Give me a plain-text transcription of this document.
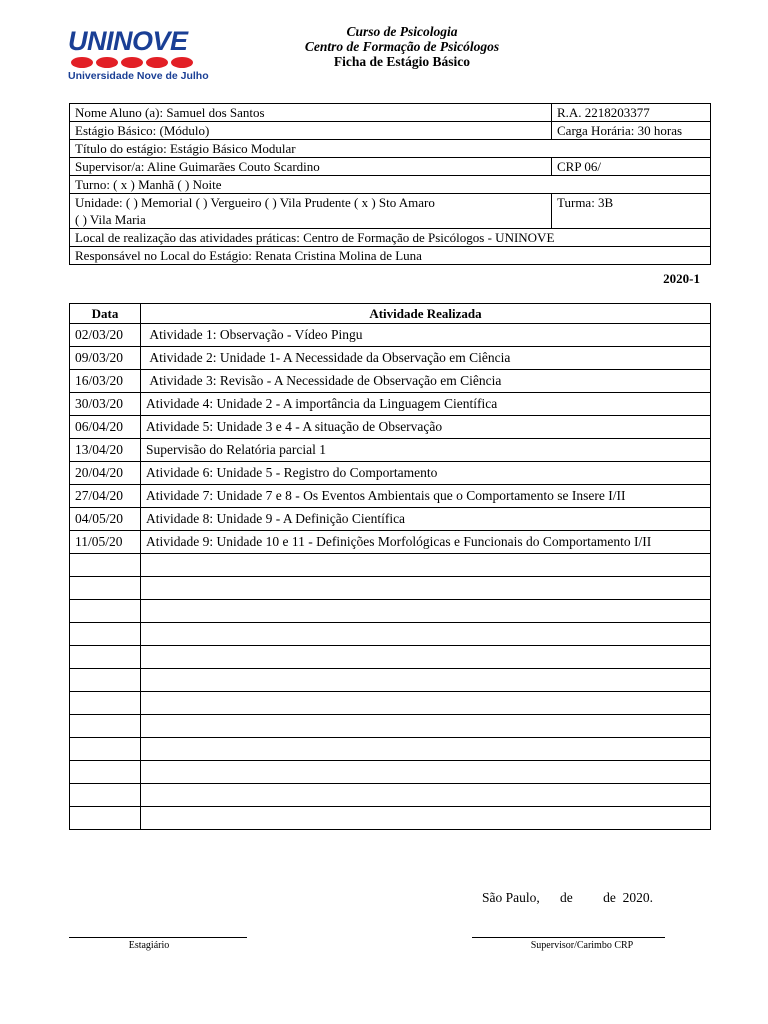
UNINOVE
Universidade Nove de Julho
Curso de Psicologia
Centro de Formação de Psicólogos
Ficha de Estágio Básico
Nome Aluno (a): Samuel dos Santos	R.A. 2218203377
Estágio Básico: (Módulo)	Carga Horária: 30 horas
Título do estágio: Estágio Básico Modular	
Supervisor/a: Aline Guimarães Couto Scardino	CRP 06/
Turno: ( x ) Manhã ( ) Noite	

Unidade: ( ) Memorial ( ) Vergueiro ( ) Vila Prudente ( x ) Sto Amaro
( ) Vila Maria	Turma: 3B
Local de realização das atividades práticas: Centro de Formação de Psicólogos - UNINOVE	
Responsável no Local do Estágio: Renata Cristina Molina de Luna	
2020-1
Data	Atividade Realizada
02/03/20	Atividade 1: Observação - Vídeo Pingu
09/03/20	Atividade 2: Unidade 1- A Necessidade da Observação em Ciência
16/03/20	Atividade 3: Revisão - A Necessidade de Observação em Ciência
30/03/20	Atividade 4: Unidade 2 - A importância da Linguagem Científica
06/04/20	Atividade 5: Unidade 3 e 4 - A situação de Observação
13/04/20	Supervisão do Relatória parcial 1
20/04/20	Atividade 6: Unidade 5 - Registro do Comportamento
27/04/20	Atividade 7: Unidade 7 e 8 - Os Eventos Ambientais que o Comportamento se Insere I/II
04/05/20	Atividade 8: Unidade 9 - A Definição Científica
11/05/20	Atividade 9: Unidade 10 e 11 - Definições Morfológicas e Funcionais do Comportamento I/II

São Paulo,      de         de  2020.
Estagiário	Supervisor/Carimbo CRP
